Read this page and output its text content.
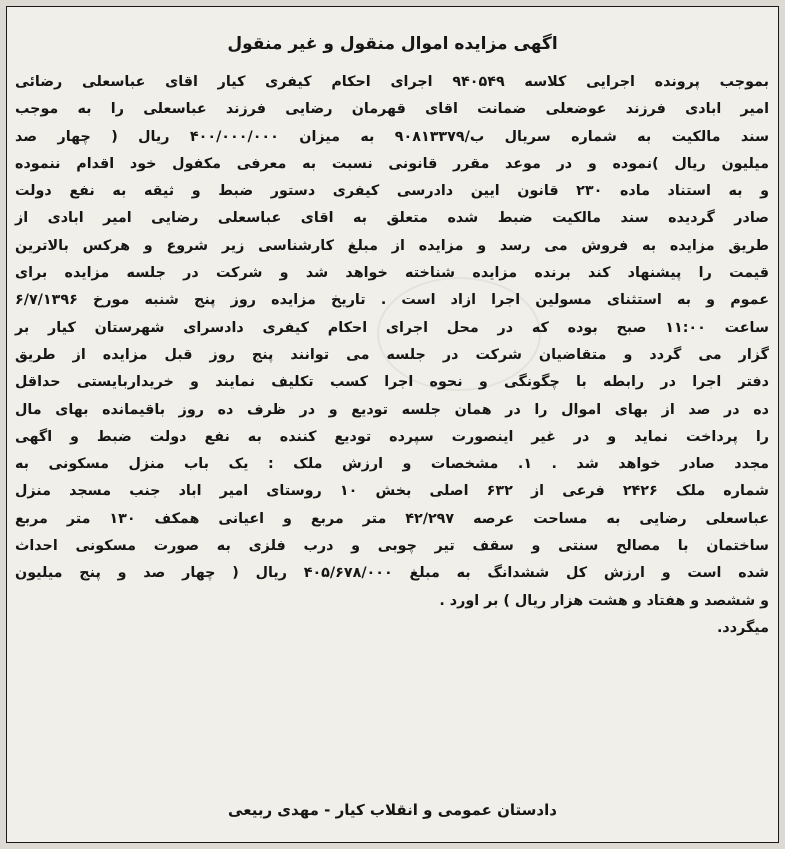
اگهی مزایده اموال منقول و غیر منقول
بموجب پرونده اجرایی کلاسه ۹۴۰۵۴۹ اجرای احکام کیفری کیار اقای عباسعلی رضائی
امیر ابادی فرزند عوضعلی ضمانت اقای قهرمان رضایی فرزند عباسعلی را به موجب
سند مالکیت به شماره سریال ب/۹۰۸۱۳۳۷۹ به میزان ۴۰۰/۰۰۰/۰۰۰ ریال ( چهار صد
میلیون ریال )نموده و در موعد مقرر قانونی نسبت به معرفی مکفول خود اقدام ننموده
و به استناد ماده ۲۳۰ قانون ایین دادرسی کیفری دستور ضبط و ثیقه به نفع دولت
صادر گردیده سند مالکیت ضبط شده متعلق به اقای عباسعلی رضایی امیر ابادی از
طریق مزایده به فروش می رسد و مزایده از مبلغ کارشناسی زیر شروع و هرکس بالاترین
قیمت را پیشنهاد کند برنده مزایده شناخته خواهد شد و شرکت در جلسه مزایده برای
عموم و به استثنای مسولین اجرا ازاد است . تاریخ مزایده روز پنج شنبه مورخ ۶/۷/۱۳۹۶
ساعت ۱۱:۰۰ صبح بوده که در محل اجرای احکام کیفری دادسرای شهرستان کیار بر
گزار می گردد و متقاضیان شرکت در جلسه می توانند پنج روز قبل مزایده از طریق
دفتر اجرا در رابطه با چگونگی و نحوه اجرا کسب تکلیف نمایند و خریداربایستی حداقل
ده در صد از بهای اموال را در همان جلسه تودیع و در ظرف ده روز باقیمانده بهای مال
را پرداخت نماید و در غیر اینصورت سپرده تودیع کننده به نفع دولت ضبط و اگهی
مجدد صادر خواهد شد . ۱. مشخصات و ارزش ملک : یک باب منزل مسکونی به
شماره ملک ۲۴۲۶ فرعی از ۶۳۲ اصلی بخش ۱۰ روستای امیر اباد جنب مسجد منزل
عباسعلی رضایی به مساحت عرصه ۴۲/۲۹۷ متر مربع و اعیانی همکف ۱۳۰ متر مربع
ساختمان با مصالح سنتی و سقف تیر چوبی و درب فلزی به صورت مسکونی احداث
شده است و ارزش کل ششدانگ به مبلغ ۴۰۵/۶۷۸/۰۰۰ ریال ( چهار صد و پنج میلیون
و ششصد و هفتاد و هشت هزار ریال ) بر اورد .
میگردد.
دادستان عمومی و انقلاب کیار - مهدی ربیعی
